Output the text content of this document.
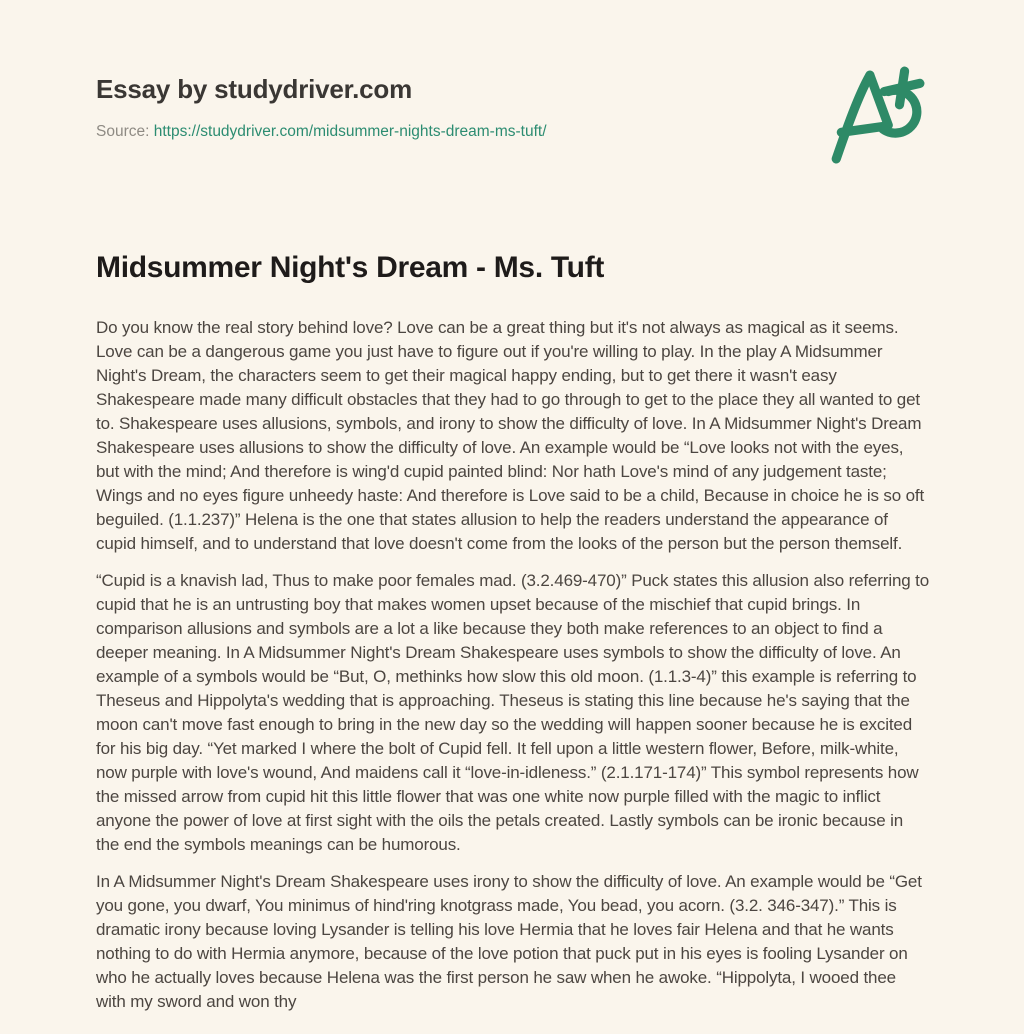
Essay by studydriver.com
Source: https://studydriver.com/midsummer-nights-dream-ms-tuft/
Midsummer Night's Dream - Ms. Tuft

Do you know the real story behind love? Love can be a great thing but it's not always as magical as it seems. Love can be a dangerous game you just have to figure out if you're willing to play. In the play A Midsummer Night's Dream, the characters seem to get their magical happy ending, but to get there it wasn't easy Shakespeare made many difficult obstacles that they had to go through to get to the place they all wanted to get to. Shakespeare uses allusions, symbols, and irony to show the difficulty of love. In A Midsummer Night's Dream Shakespeare uses allusions to show the difficulty of love. An example would be “Love looks not with the eyes, but with the mind; And therefore is wing'd cupid painted blind: Nor hath Love's mind of any judgement taste; Wings and no eyes figure unheedy haste: And therefore is Love said to be a child, Because in choice he is so oft beguiled. (1.1.237)” Helena is the one that states allusion to help the readers understand the appearance of cupid himself, and to understand that love doesn't come from the looks of the person but the person themself.

“Cupid is a knavish lad, Thus to make poor females mad. (3.2.469-470)” Puck states this allusion also referring to cupid that he is an untrusting boy that makes women upset because of the mischief that cupid brings. In comparison allusions and symbols are a lot a like because they both make references to an object to find a deeper meaning. In A Midsummer Night's Dream Shakespeare uses symbols to show the difficulty of love. An example of a symbols would be “But, O, methinks how slow this old moon. (1.1.3-4)” this example is referring to Theseus and Hippolyta's wedding that is approaching. Theseus is stating this line because he's saying that the moon can't move fast enough to bring in the new day so the wedding will happen sooner because he is excited for his big day. “Yet marked I where the bolt of Cupid fell. It fell upon a little western flower, Before, milk-white, now purple with love's wound, And maidens call it “love-in-idleness.” (2.1.171-174)” This symbol represents how the missed arrow from cupid hit this little flower that was one white now purple filled with the magic to inflict anyone the power of love at first sight with the oils the petals created. Lastly symbols can be ironic because in the end the symbols meanings can be humorous.

In A Midsummer Night's Dream Shakespeare uses irony to show the difficulty of love. An example would be “Get you gone, you dwarf, You minimus of hind'ring knotgrass made, You bead, you acorn. (3.2. 346-347).” This is dramatic irony because loving Lysander is telling his love Hermia that he loves fair Helena and that he wants nothing to do with Hermia anymore, because of the love potion that puck put in his eyes is fooling Lysander on who he actually loves because Helena was the first person he saw when he awoke. “Hippolyta, I wooed thee with my sword and won thy
